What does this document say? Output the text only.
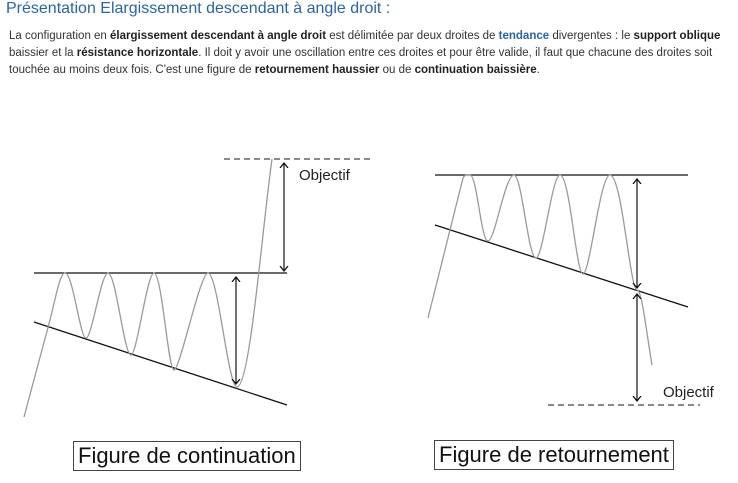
Présentation Elargissement descendant à angle droit :
La configuration en élargissement descendant à angle droit est délimitée par deux droites de tendance divergentes : le support oblique baissier et la résistance horizontale. Il doit y avoir une oscillation entre ces droites et pour être valide, il faut que chacune des droites soit touchée au moins deux fois. C'est une figure de retournement haussier ou de continuation baissière.
Objectif
Objectif
Figure de continuation	Figure de retournement
